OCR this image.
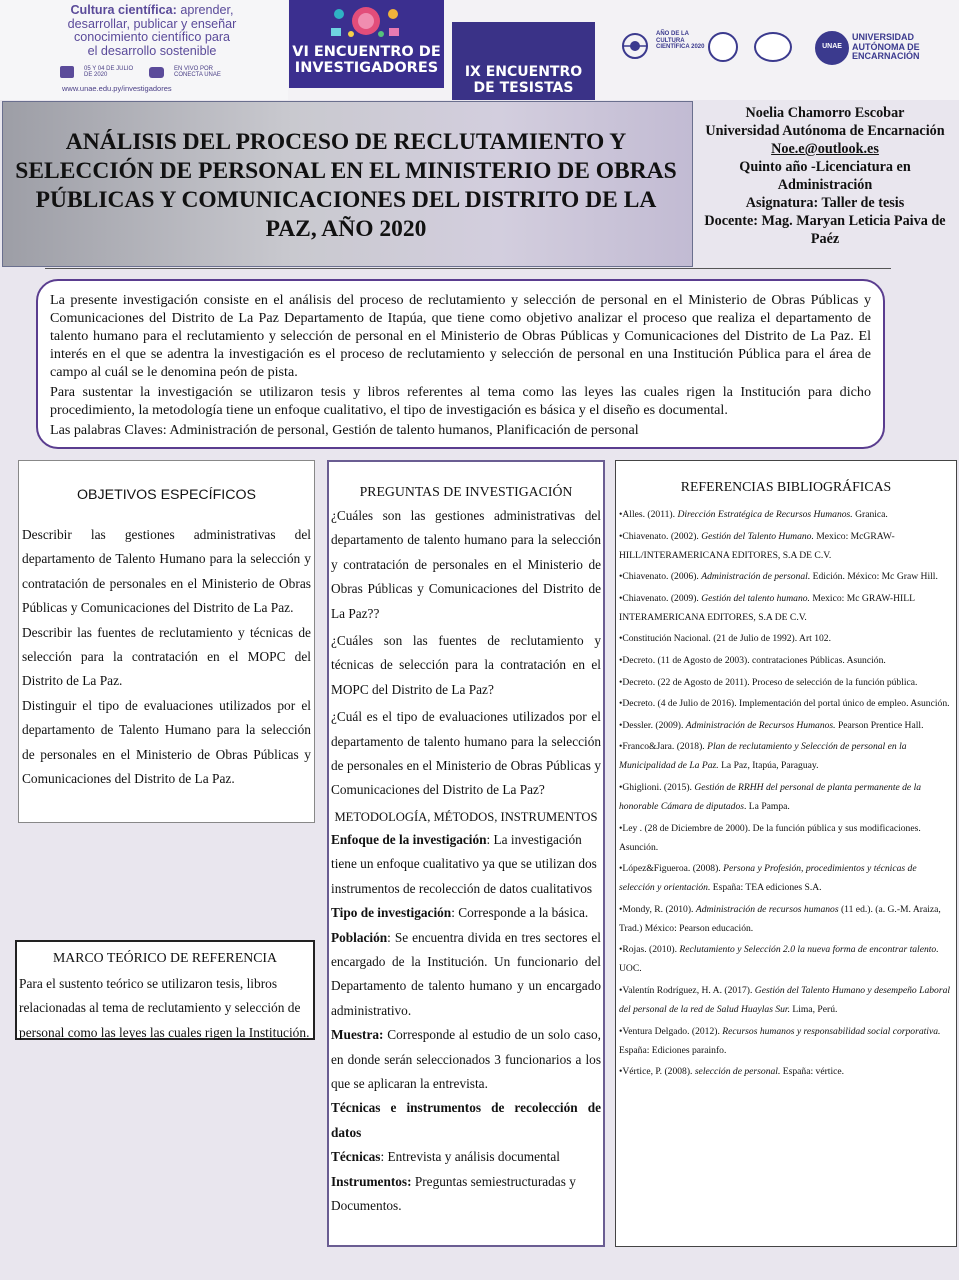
Cultura científica: aprender,
desarrollar, publicar y enseñar
conocimiento científico para
el desarrollo sostenible
05 Y 04 DE JULIO DE 2020
EN VIVO POR CONECTA UNAE
www.unae.edu.py/investigadores
VI ENCUENTRO DE INVESTIGADORES	IX ENCUENTRO DE TESISTAS
AÑO DE LA CULTURA CIENTÍFICA 2020	UNAE
UNIVERSIDAD AUTÓNOMA DE ENCARNACIÓN
ANÁLISIS DEL PROCESO DE RECLUTAMIENTO Y SELECCIÓN DE PERSONAL EN EL MINISTERIO DE OBRAS PÚBLICAS Y COMUNICACIONES DEL DISTRITO DE LA PAZ, AÑO 2020
Noelia Chamorro Escobar
Universidad Autónoma de Encarnación
Noe.e@outlook.es
Quinto año -Licenciatura en Administración
Asignatura: Taller de tesis
Docente: Mag. Maryan Leticia Paiva de Paéz

La presente investigación consiste en el análisis del proceso de reclutamiento y selección de personal en el Ministerio de Obras Públicas y Comunicaciones del Distrito de La Paz Departamento de Itapúa, que tiene como objetivo analizar el proceso que realiza el departamento de talento humano para el reclutamiento y selección de personal en el Ministerio de Obras Públicas y Comunicaciones del Distrito de La Paz. El interés en el que se adentra la investigación es el proceso de reclutamiento y selección de personal en una Institución Pública para el área de campo al cuál se le denomina peón de pista.

Para sustentar la investigación se utilizaron tesis y libros referentes al tema como las leyes las cuales rigen la Institución para dicho procedimiento, la metodología tiene un enfoque cualitativo, el tipo de investigación es básica y el diseño es documental.

Las palabras Claves: Administración de personal, Gestión de talento humanos, Planificación de personal

OBJETIVOS ESPECÍFICOS

Describir las gestiones administrativas del departamento de Talento Humano para la selección y contratación de personales en el Ministerio de Obras Públicas y Comunicaciones del Distrito de La Paz.

Describir las fuentes de reclutamiento y técnicas de selección para la contratación en el MOPC del Distrito de La Paz.

Distinguir el tipo de evaluaciones utilizados por el departamento de Talento Humano para la selección de personales en el Ministerio de Obras Públicas y Comunicaciones del Distrito de La Paz.

MARCO TEÓRICO DE REFERENCIA

Para el sustento teórico se utilizaron tesis, libros relacionadas al tema de reclutamiento y selección de personal como las leyes las cuales rigen la Institución.

PREGUNTAS DE INVESTIGACIÓN

¿Cuáles son las gestiones administrativas del departamento de talento humano para la selección y contratación de personales en el Ministerio de Obras Públicas y Comunicaciones del Distrito de La Paz??

¿Cuáles son las fuentes de reclutamiento y técnicas de selección para la contratación en el MOPC del Distrito de La Paz?

¿Cuál es el tipo de evaluaciones utilizados por el departamento de talento humano para la selección de personales en el Ministerio de Obras Públicas y Comunicaciones del Distrito de La Paz?

METODOLOGÍA, MÉTODOS, INSTRUMENTOS

Enfoque de la investigación: La investigación tiene un enfoque cualitativo ya que se utilizan dos instrumentos de recolección de datos cualitativos

Tipo de investigación: Corresponde a la básica.

Población: Se encuentra divida en tres sectores el encargado de la Institución. Un funcionario del Departamento de talento humano y un encargado administrativo.

Muestra: Corresponde al estudio de un solo caso, en donde serán seleccionados 3 funcionarios a los que se aplicaran la entrevista.

Técnicas e instrumentos de recolección de datos

Técnicas: Entrevista y análisis documental

Instrumentos: Preguntas semiestructuradas y Documentos.

REFERENCIAS BIBLIOGRÁFICAS

•Alles. (2011). Dirección Estratégica de Recursos Humanos. Granica.

•Chiavenato. (2002). Gestión del Talento Humano. Mexico: McGRAW-HILL/INTERAMERICANA EDITORES, S.A DE C.V.

•Chiavenato. (2006). Administración de personal. Edición. México: Mc Graw Hill.

•Chiavenato. (2009). Gestión del talento humano. Mexico: Mc GRAW-HILL INTERAMERICANA EDITORES, S.A DE C.V.

•Constitución Nacional. (21 de Julio de 1992). Art 102.

•Decreto. (11 de Agosto de 2003). contrataciones Públicas. Asunción.

•Decreto. (22 de Agosto de 2011). Proceso de selección de la función pública.

•Decreto. (4 de Julio de 2016). Implementación del portal único de empleo. Asunción.

•Dessler. (2009). Administración de Recursos Humanos. Pearson Prentice Hall.

•Franco&Jara. (2018). Plan de reclutamiento y Selección de personal en la Municipalidad de La Paz. La Paz, Itapúa, Paraguay.

•Ghiglioni. (2015). Gestión de RRHH del personal de planta permanente de la honorable Cámara de diputados. La Pampa.

•Ley . (28 de Diciembre de 2000). De la función pública y sus modificaciones. Asunción.

•López&Figueroa. (2008). Persona y Profesión, procedimientos y técnicas de selección y orientación. España: TEA ediciones S.A.

•Mondy, R. (2010). Administración de recursos humanos (11 ed.). (a. G.-M. Araiza, Trad.) México: Pearson educación.

•Rojas. (2010). Reclutamiento y Selección 2.0 la nueva forma de encontrar talento. UOC.

•Valentín Rodríguez, H. A. (2017). Gestión del Talento Humano y desempeño Laboral del personal de la red de Salud Huaylas Sur. Lima, Perú.

•Ventura Delgado. (2012). Recursos humanos y responsabilidad social corporativa. España: Ediciones parainfo.

•Vértice, P. (2008). selección de personal. España: vértice.
